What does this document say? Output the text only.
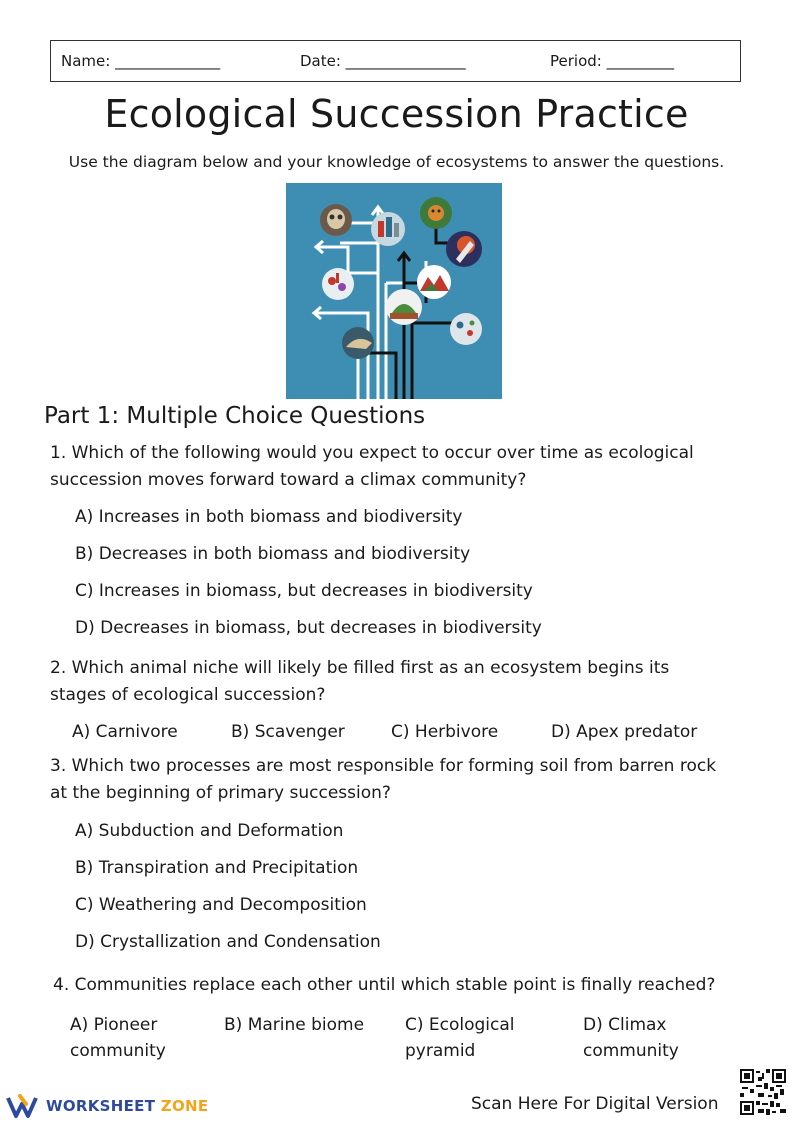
Name: ______________	Date: ________________	Period: _________
Ecological Succession Practice
Use the diagram below and your knowledge of ecosystems to answer the questions.
Part 1: Multiple Choice Questions
1. Which of the following would you expect to occur over time as ecological succession moves forward toward a climax community?
A) Increases in both biomass and biodiversity
B) Decreases in both biomass and biodiversity
C) Increases in biomass, but decreases in biodiversity
D) Decreases in biomass, but decreases in biodiversity
2. Which animal niche will likely be filled first as an ecosystem begins its stages of ecological succession?
A) Carnivore	B) Scavenger	C) Herbivore	D) Apex predator
3. Which two processes are most responsible for forming soil from barren rock at the beginning of primary succession?
A) Subduction and Deformation
B) Transpiration and Precipitation
C) Weathering and Decomposition
D) Crystallization and Condensation
4. Communities replace each other until which stable point is finally reached?
A) Pioneer community
B) Marine biome C) Ecological pyramid
D) Climax community
WORKSHEET ZONE	Scan Here For Digital Version
